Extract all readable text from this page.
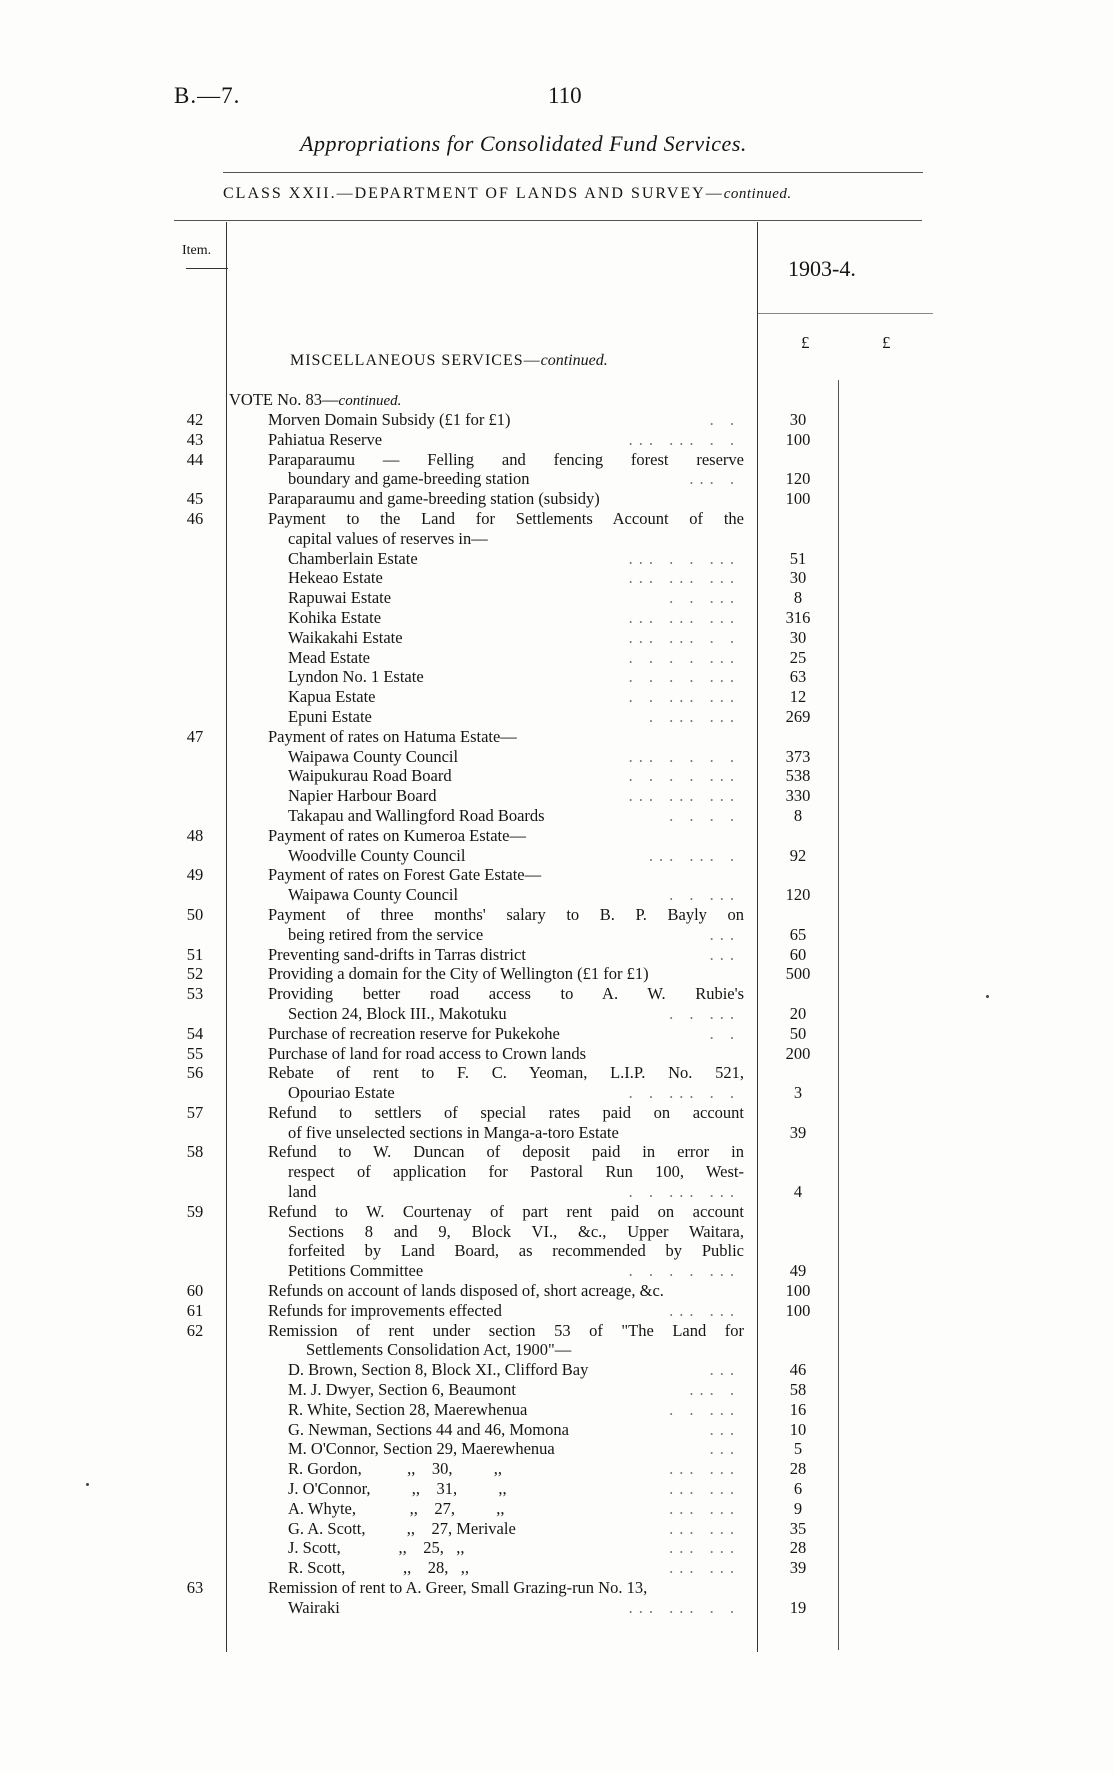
B.—7.	110
Appropriations for Consolidated Fund Services.
CLASS XXII.—DEPARTMENT OF LANDS AND SURVEY—continued.
Item.
1903-4.
£	£
MISCELLANEOUS SERVICES—continued.
VOTE No. 83—continued.
42	Morven Domain Subsidy (£1 for £1)	. .	30
43	Pahiatua Reserve	... ... . .	100
44	Paraparaumu — Felling and fencing forest reserve
boundary and game-breeding station	... .	120
45	Paraparaumu and game-breeding station (subsidy)	100
46	Payment to the Land for Settlements Account of the
capital values of reserves in—
Chamberlain Estate	... . . ...	51
Hekeao Estate	... ... ...	30
Rapuwai Estate	. . ...	8
Kohika Estate	... ... ...	316
Waikakahi Estate	... ... . .	30
Mead Estate	. . . . ...	25
Lyndon No. 1 Estate	. . . . ...	63
Kapua Estate	. . ... ...	12
Epuni Estate	. ... ...	269
47	Payment of rates on Hatuma Estate—
Waipawa County Council	... . . . .	373
Waipukurau Road Board	. . . . ...	538
Napier Harbour Board	... ... ...	330
Takapau and Wallingford Road Boards	. . . .	8
48	Payment of rates on Kumeroa Estate—
Woodville County Council	... ... .	92
49	Payment of rates on Forest Gate Estate—
Waipawa County Council	. . ...	120
50	Payment of three months' salary to B. P. Bayly on
being retired from the service	...	65
51	Preventing sand-drifts in Tarras district	...	60
52	Providing a domain for the City of Wellington (£1 for £1)	500
53	Providing better road access to A. W. Rubie's
Section 24, Block III., Makotuku	. . ...	20
54	Purchase of recreation reserve for Pukekohe	. .	50
55	Purchase of land for road access to Crown lands	200
56	Rebate of rent to F. C. Yeoman, L.I.P. No. 521,
Opouriao Estate	. . ... . .	3
57	Refund to settlers of special rates paid on account
of five unselected sections in Manga-a-toro Estate	39
58	Refund to W. Duncan of deposit paid in error in
respect of application for Pastoral Run 100, West-
land	. . ... ...	4
59	Refund to W. Courtenay of part rent paid on account
Sections 8 and 9, Block VI., &c., Upper Waitara,
forfeited by Land Board, as recommended by Public
Petitions Committee	. . . . ...	49
60	Refunds on account of lands disposed of, short acreage, &c.	100
61	Refunds for improvements effected	... ...	100
62	Remission of rent under section 53 of "The Land for
Settlements Consolidation Act, 1900"—
D. Brown, Section 8, Block XI., Clifford Bay	...	46
M. J. Dwyer, Section 6, Beaumont	... .	58
R. White, Section 28, Maerewhenua	. . ...	16
G. Newman, Sections 44 and 46, Momona	...	10
M. O'Connor, Section 29, Maerewhenua	...	5
R. Gordon,           ,,    30,          ,,	... ...	28
J. O'Connor,          ,,    31,          ,,	... ...	6
A. Whyte,             ,,    27,          ,,	... ...	9
G. A. Scott,          ,,    27, Merivale	... ...	35
J. Scott,              ,,    25,   ,,	... ...	28
R. Scott,              ,,    28,   ,,	... ...	39
63	Remission of rent to A. Greer, Small Grazing-run No. 13,
Wairaki	... ... . .	19
